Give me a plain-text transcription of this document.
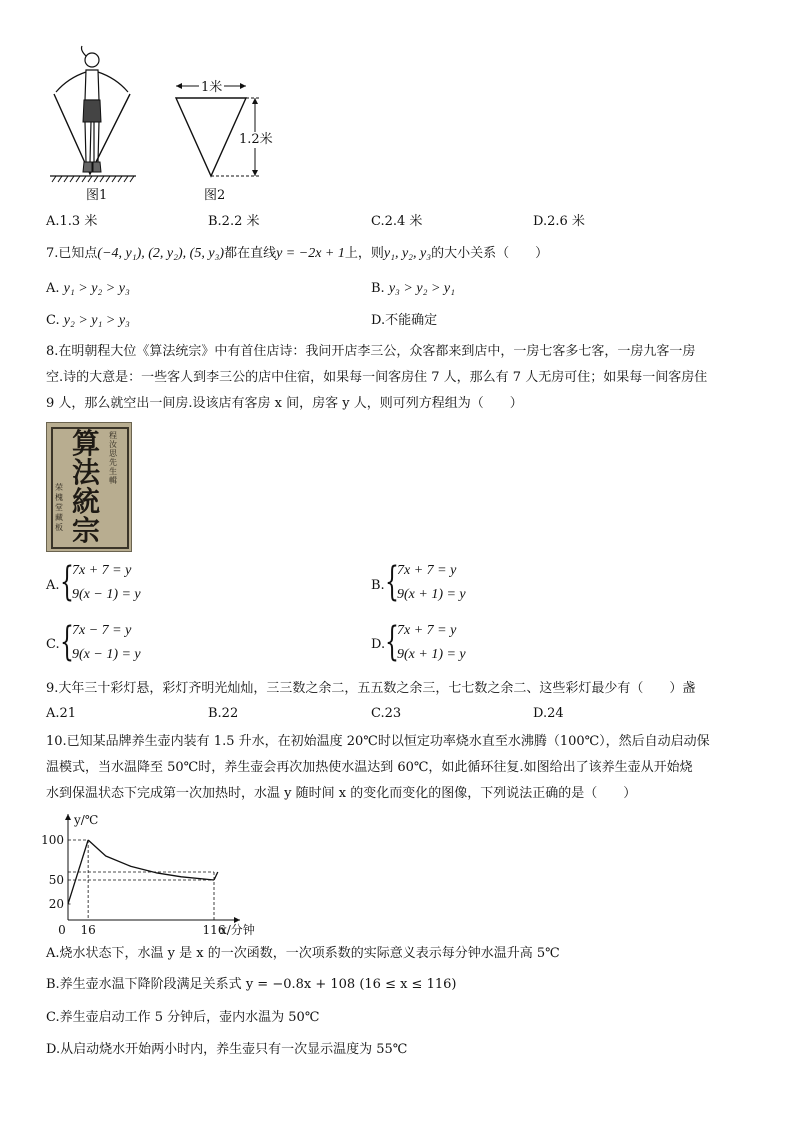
图1
1米
1.2米
图2
A.1.3 米	B.2.2 米	C.2.4 米	D.2.6 米
7.已知点(−4, y₁), (2, y₂), (5, y₃)都在直线y = −2x + 1上，则y₁, y₂, y₃的大小关系（　　）
A. y₁ > y₂ > y₃	B. y₃ > y₂ > y₁
C. y₂ > y₁ > y₃	D.不能确定
8.在明朝程大位《算法统宗》中有首住店诗：我问开店李三公，众客都来到店中，一房七客多七客，一房九客一房
空.诗的大意是：一些客人到李三公的店中住宿，如果每一间客房住 7 人，那么有 7 人无房可住；如果每一间客房住
9 人，那么就空出一间房.设该店有客房 x 间，房客 y 人，则可列方程组为（　　）
算
法
統
宗
程汝思先生輯
荣槐堂藏板
A. {
7x + 7 = y
9(x − 1) = y
B. {
7x + 7 = y
9(x + 1) = y
C. {
7x − 7 = y
9(x − 1) = y
D. {
7x + 7 = y
9(x + 1) = y
9.大年三十彩灯悬，彩灯齐明光灿灿，三三数之余二，五五数之余三，七七数之余二、这些彩灯最少有（　　）盏
A.21	B.22	C.23	D.24
10.已知某品牌养生壶内装有 1.5 升水，在初始温度 20℃时以恒定功率烧水直至水沸腾（100℃），然后自动启动保
温模式，当水温降至 50℃时，养生壶会再次加热使水温达到 60℃，如此循环往复.如图给出了该养生壶从开始烧
水到保温状态下完成第一次加热时，水温 y 随时间 x 的变化而变化的图像，下列说法正确的是（　　）
100
50
20
0 16	116
y/℃
x/分钟
A.烧水状态下，水温 y 是 x 的一次函数，一次项系数的实际意义表示每分钟水温升高 5℃
B.养生壶水温下降阶段满足关系式 y = −0.8x + 108 (16 ≤ x ≤ 116)
C.养生壶启动工作 5 分钟后，壶内水温为 50℃
D.从启动烧水开始两小时内，养生壶只有一次显示温度为 55℃
